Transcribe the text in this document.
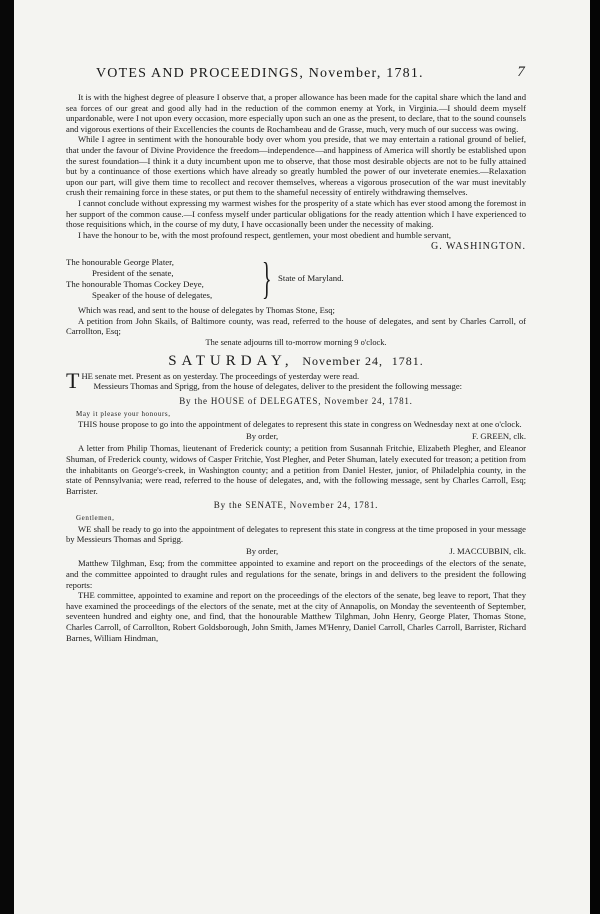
VOTES AND PROCEEDINGS, November, 1781.	7

It is with the highest degree of pleasure I observe that, a proper allowance has been made for the capital share which the land and sea forces of our great and good ally had in the reduction of the common enemy at York, in Virginia.—I should deem myself unpardonable, were I not upon every occasion, more especially upon such an one as the present, to declare, that to the sound counsels and vigorous exertions of their Excellencies the counts de Rochambeau and de Grasse, much, very much of our success was owing.

While I agree in sentiment with the honourable body over whom you preside, that we may entertain a rational ground of belief, that under the favour of Divine Providence the freedom—independence—and happiness of America will shortly be established upon the surest foundation—I think it a duty incumbent upon me to observe, that those most desirable objects are not to be fully attained but by a continuance of those exertions which have already so greatly humbled the power of our inveterate enemies.—Relaxation upon our part, will give them time to recollect and recover themselves, whereas a vigorous prosecution of the war must inevitably crush their remaining force in these states, or put them to the shameful necessity of entirely withdrawing themselves.

I cannot conclude without expressing my warmest wishes for the prosperity of a state which has ever stood among the foremost in her support of the common cause.—I confess myself under particular obligations for the ready attention which I have experienced to those requisitions which, in the course of my duty, I have occasionally been under the necessity of making.

I have the honour to be, with the most profound respect, gentlemen, your most obedient and humble servant,

G. WASHINGTON.
The honourable George Plater,
President of the senate,
The honourable Thomas Cockey Deye,
Speaker of the house of delegates, } State of Maryland.

Which was read, and sent to the house of delegates by Thomas Stone, Esq;

A petition from John Skails, of Baltimore county, was read, referred to the house of delegates, and sent by Charles Carroll, of Carrollton, Esq;

The senate adjourns till to-morrow morning 9 o'clock.
SATURDAY, November 24, 1781.

THE senate met. Present as on yesterday. The proceedings of yesterday were read.

Messieurs Thomas and Sprigg, from the house of delegates, deliver to the president the following message:

By the HOUSE of DELEGATES, November 24, 1781.
May it please your honours,

THIS house propose to go into the appointment of delegates to represent this state in congress on Wednesday next at one o'clock.

By order,	F. GREEN, clk.

A letter from Philip Thomas, lieutenant of Frederick county; a petition from Susannah Fritchie, Elizabeth Plegher, and Eleanor Shuman, of Frederick county, widows of Casper Fritchie, Yost Plegher, and Peter Shuman, lately executed for treason; a petition from the inhabitants on George's-creek, in Washington county; and a petition from Daniel Hester, junior, of Philadelphia county, in the state of Pennsylvania; were read, referred to the house of delegates, and, with the following message, sent by Charles Carroll, Esq; Barrister.

By the SENATE, November 24, 1781.
Gentlemen,

WE shall be ready to go into the appointment of delegates to represent this state in congress at the time proposed in your message by Messieurs Thomas and Sprigg.

By order,	J. MACCUBBIN, clk.

Matthew Tilghman, Esq; from the committee appointed to examine and report on the proceedings of the electors of the senate, and the committee appointed to draught rules and regulations for the senate, brings in and delivers to the president the following reports:

THE committee, appointed to examine and report on the proceedings of the electors of the senate, beg leave to report, That they have examined the proceedings of the electors of the senate, met at the city of Annapolis, on Monday the seventeenth of September, seventeen hundred and eighty one, and find, that the honourable Matthew Tilghman, John Henry, George Plater, Thomas Stone, Charles Carroll, of Carrollton, Robert Goldsborough, John Smith, James M'Henry, Daniel Carroll, Charles Carroll, Barrister, Richard Barnes, William Hindman,
